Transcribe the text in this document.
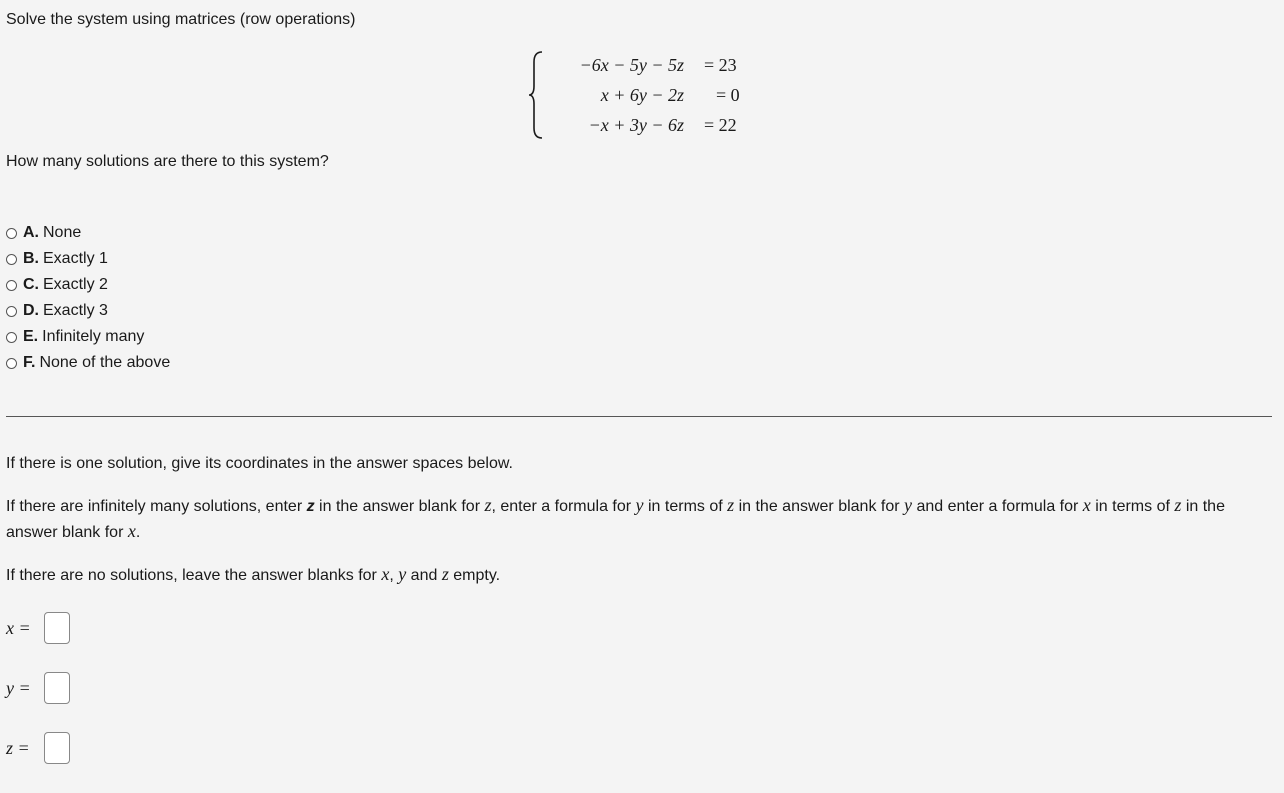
Solve the system using matrices (row operations)
−6x − 5y − 5z = 23
x + 6y − 2z = 0
−x + 3y − 6z = 22
How many solutions are there to this system?
A. None
B. Exactly 1
C. Exactly 2
D. Exactly 3
E. Infinitely many
F. None of the above
If there is one solution, give its coordinates in the answer spaces below.
If there are infinitely many solutions, enter z in the answer blank for z, enter a formula for y in terms of z in the answer blank for y and enter a formula for x in terms of z in the answer blank for x.
If there are no solutions, leave the answer blanks for x, y and z empty.
x =
y =
z =
